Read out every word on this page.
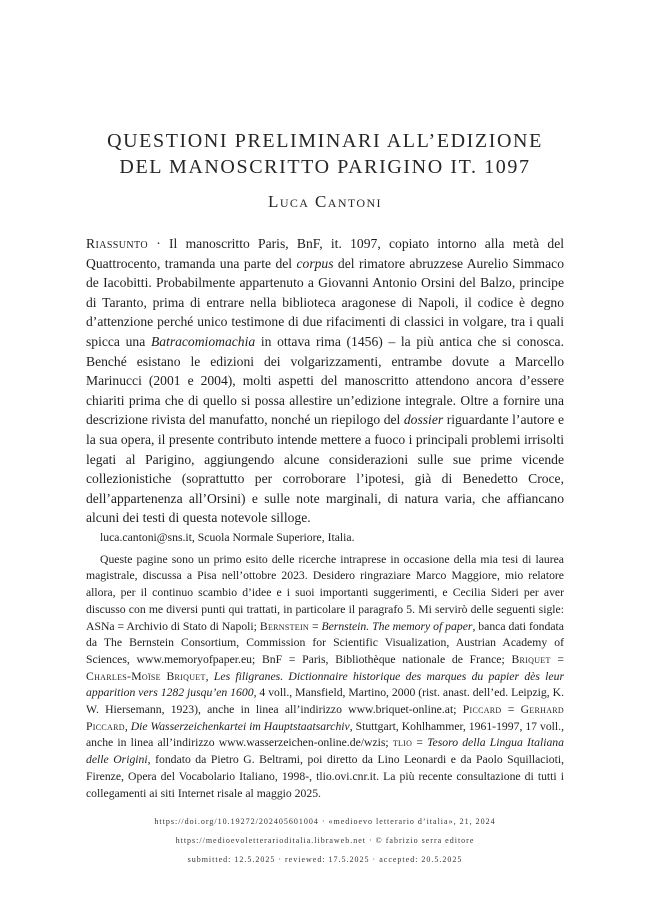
QUESTIONI PRELIMINARI ALL’EDIZIONE
DEL MANOSCRITTO PARIGINO IT. 1097
Luca Cantoni
Riassunto · Il manoscritto Paris, BnF, it. 1097, copiato intorno alla metà del Quattrocento, tramanda una parte del corpus del rimatore abruzzese Aurelio Simmaco de Iacobitti. Probabilmente appartenuto a Giovanni Antonio Orsini del Balzo, principe di Taranto, prima di entrare nella biblioteca aragonese di Napoli, il codice è degno d’attenzione perché unico testimone di due rifacimenti di classici in volgare, tra i quali spicca una Batracomiomachia in ottava rima (1456) – la più antica che si conosca. Benché esistano le edizioni dei volgarizzamenti, entrambe dovute a Marcello Marinucci (2001 e 2004), molti aspetti del manoscritto attendono ancora d’essere chiariti prima che di quello si possa allestire un’edizione integrale. Oltre a fornire una descrizione rivista del manufatto, nonché un riepilogo del dossier riguardante l’autore e la sua opera, il presente contributo intende mettere a fuoco i principali problemi irrisolti legati al Parigino, aggiungendo alcune considerazioni sulle sue prime vicende collezionistiche (soprattutto per corroborare l’ipotesi, già di Benedetto Croce, dell’appartenenza all’Orsini) e sulle note marginali, di natura varia, che affiancano alcuni dei testi di questa notevole silloge.

luca.cantoni@sns.it, Scuola Normale Superiore, Italia.

Queste pagine sono un primo esito delle ricerche intraprese in occasione della mia tesi di laurea magistrale, discussa a Pisa nell’ottobre 2023. Desidero ringraziare Marco Maggiore, mio relatore allora, per il continuo scambio d’idee e i suoi importanti suggerimenti, e Cecilia Sideri per aver discusso con me diversi punti qui trattati, in particolare il paragrafo 5. Mi servirò delle seguenti sigle: ASNa = Archivio di Stato di Napoli; Bernstein = Bernstein. The memory of paper, banca dati fondata da The Bernstein Consortium, Commission for Scientific Visualization, Austrian Academy of Sciences, www.memoryofpaper.eu; BnF = Paris, Bibliothèque nationale de France; Briquet = Charles-Moïse Briquet, Les filigranes. Dictionnaire historique des marques du papier dès leur apparition vers 1282 jusqu’en 1600, 4 voll., Mansfield, Martino, 2000 (rist. anast. dell’ed. Leipzig, K. W. Hiersemann, 1923), anche in linea all’indirizzo www.briquet-online.at; Piccard = Gerhard Piccard, Die Wasserzeichenkartei im Hauptstaatsarchiv, Stuttgart, Kohlhammer, 1961-1997, 17 voll., anche in linea all’indirizzo www.wasserzeichen-online.de/wzis; tlio = Tesoro della Lingua Italiana delle Origini, fondato da Pietro G. Beltrami, poi diretto da Lino Leonardi e da Paolo Squillacioti, Firenze, Opera del Vocabolario Italiano, 1998-, tlio.ovi.cnr.it. La più recente consultazione di tutti i collegamenti ai siti Internet risale al maggio 2025.

https://doi.org/10.19272/202405601004 · «medioevo letterario d’italia», 21, 2024
https://medioevoletterarioditalia.libraweb.net · © fabrizio serra editore
submitted: 12.5.2025 · reviewed: 17.5.2025 · accepted: 20.5.2025
